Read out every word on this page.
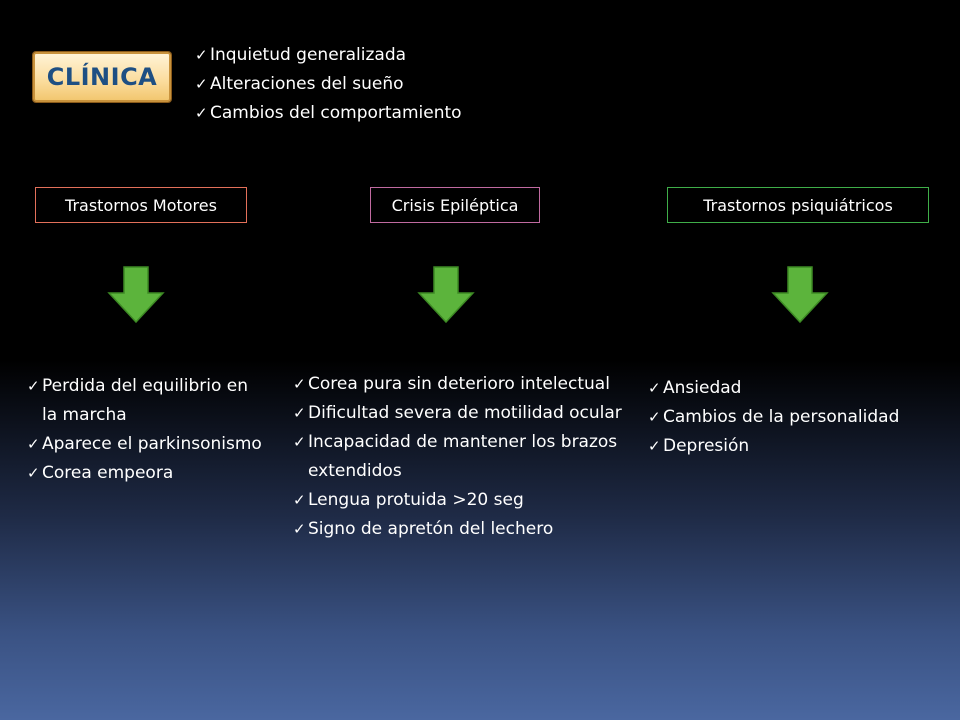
CLÍNICA
✓ Inquietud generalizada
✓ Alteraciones del sueño
✓ Cambios del comportamiento
Trastornos Motores	Crisis Epiléptica	Trastornos psiquiátricos
✓ Perdida del equilibrio en la marcha
✓ Aparece el parkinsonismo
✓ Corea empeora
✓ Corea pura sin deterioro intelectual
✓ Dificultad severa de motilidad ocular
✓ Incapacidad de mantener los brazos extendidos
✓ Lengua protuida >20 seg
✓ Signo de apretón del lechero
✓ Ansiedad
✓ Cambios de la personalidad
✓ Depresión
